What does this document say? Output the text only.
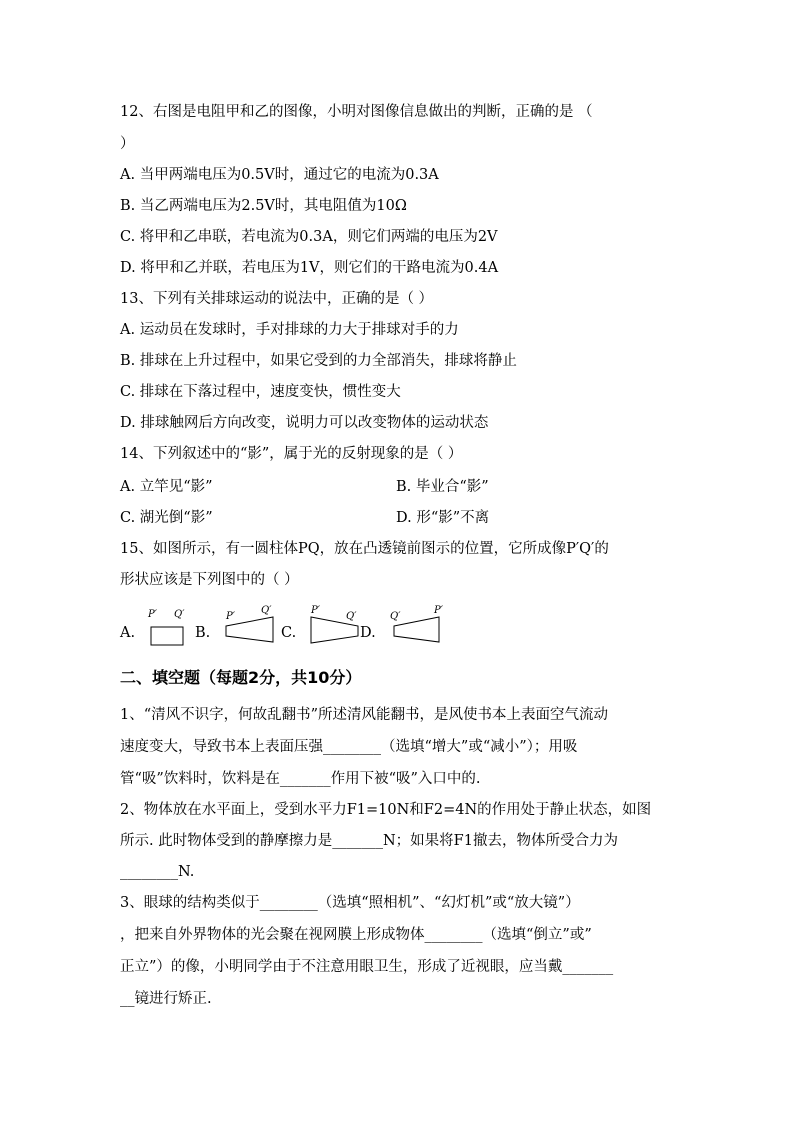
12、右图是电阻甲和乙的图像，小明对图像信息做出的判断，正确的是 （
）
A. 当甲两端电压为0.5V时，通过它的电流为0.3A
B. 当乙两端电压为2.5V时，其电阻值为10Ω
C. 将甲和乙串联，若电流为0.3A，则它们两端的电压为2V
D. 将甲和乙并联，若电压为1V，则它们的干路电流为0.4A
13、下列有关排球运动的说法中，正确的是（ ）
A. 运动员在发球时，手对排球的力大于排球对手的力
B. 排球在上升过程中，如果它受到的力全部消失，排球将静止
C. 排球在下落过程中，速度变快，惯性变大
D. 排球触网后方向改变，说明力可以改变物体的运动状态
14、下列叙述中的“影”，属于光的反射现象的是（ ）
A. 立竿见“影”	B. 毕业合“影”
C. 湖光倒“影”	D. 形“影”不离
15、如图所示，有一圆柱体PQ，放在凸透镜前图示的位置，它所成像P′Q′的
形状应该是下列图中的（ ）
A.
P′ Q′
B.
P′
Q′
C.
P′
Q′
D.
Q′
P′
二、填空题（每题2分，共10分）
1、“清风不识字，何故乱翻书”所述清风能翻书，是风使书本上表面空气流动
速度变大，导致书本上表面压强________（选填“增大”或“减小”）；用吸
管“吸”饮料时，饮料是在_______作用下被“吸”入口中的.
2、物体放在水平面上，受到水平力F1=10N和F2=4N的作用处于静止状态，如图
所示. 此时物体受到的静摩擦力是_______N；如果将F1撤去，物体所受合力为
________N.
3、眼球的结构类似于________（选填“照相机”、“幻灯机”或“放大镜”）
，把来自外界物体的光会聚在视网膜上形成物体________（选填“倒立”或”
正立”）的像，小明同学由于不注意用眼卫生，形成了近视眼，应当戴_______
__镜进行矫正.
